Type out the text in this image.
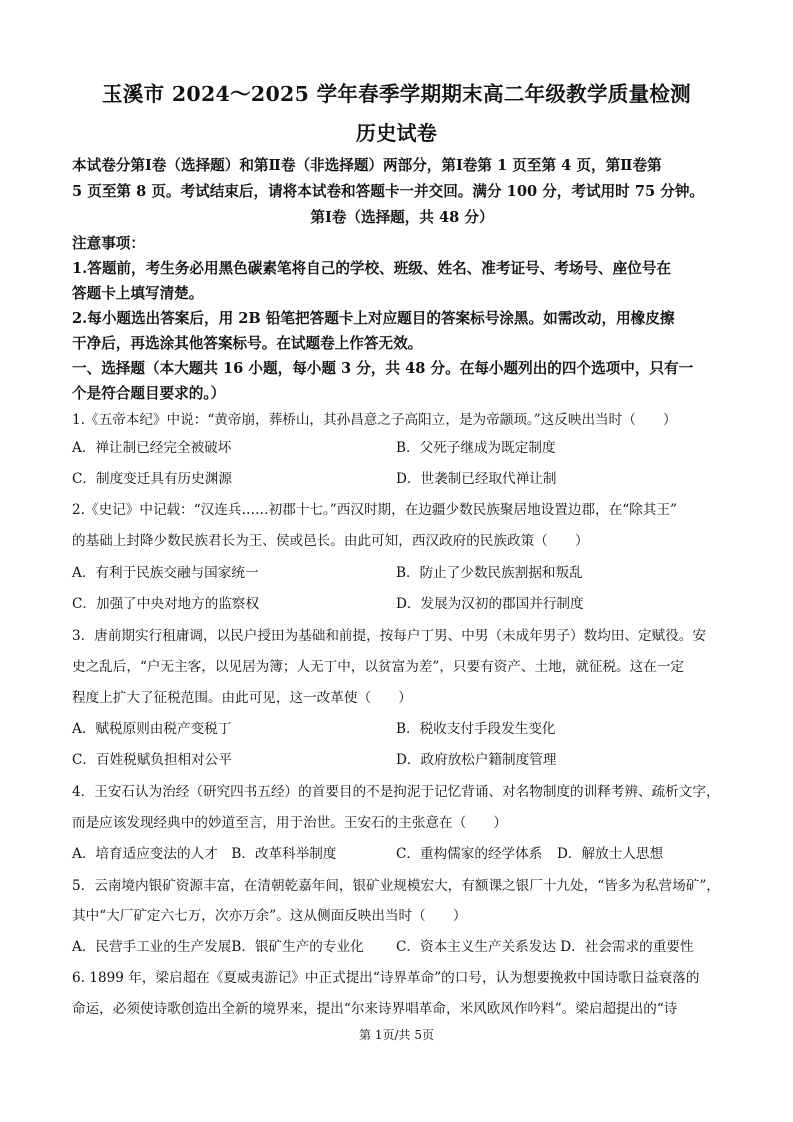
玉溪市 2024～2025 学年春季学期期末高二年级教学质量检测
历史试卷
本试卷分第Ⅰ卷（选择题）和第Ⅱ卷（非选择题）两部分，第Ⅰ卷第 1 页至第 4 页，第Ⅱ卷第
5 页至第 8 页。考试结束后，请将本试卷和答题卡一并交回。满分 100 分，考试用时 75 分钟。
第Ⅰ卷（选择题，共 48 分）
注意事项：
1.答题前，考生务必用黑色碳素笔将自己的学校、班级、姓名、准考证号、考场号、座位号在
答题卡上填写清楚。
2.每小题选出答案后，用 2B 铅笔把答题卡上对应题目的答案标号涂黑。如需改动，用橡皮擦
干净后，再选涂其他答案标号。在试题卷上作答无效。
一、选择题（本大题共 16 小题，每小题 3 分，共 48 分。在每小题列出的四个选项中，只有一
个是符合题目要求的。）
1.《五帝本纪》中说：“黄帝崩，葬桥山，其孙昌意之子高阳立，是为帝颛顼。”这反映出当时（　　）
A．禅让制已经完全被破坏	B．父死子继成为既定制度
C．制度变迁具有历史渊源	D．世袭制已经取代禅让制
2.《史记》中记载：“汉连兵……初郡十七。”西汉时期，在边疆少数民族聚居地设置边郡，在“除其王”
的基础上封降少数民族君长为王、侯或邑长。由此可知，西汉政府的民族政策（　　）
A．有利于民族交融与国家统一	B．防止了少数民族割据和叛乱
C．加强了中央对地方的监察权	D．发展为汉初的郡国并行制度
3．唐前期实行租庸调，以民户授田为基础和前提，按每户丁男、中男（未成年男子）数均田、定赋役。安
史之乱后，“户无主客，以见居为簿；人无丁中，以贫富为差”，只要有资产、土地，就征税。这在一定
程度上扩大了征税范围。由此可见，这一改革使（　　）
A．赋税原则由税产变税丁	B．税收支付手段发生变化
C．百姓税赋负担相对公平	D．政府放松户籍制度管理
4．王安石认为治经（研究四书五经）的首要目的不是拘泥于记忆背诵、对名物制度的训释考辨、疏析文字，
而是应该发现经典中的妙道至言，用于治世。王安石的主张意在（　　）
A．培育适应变法的人才　B．改革科举制度	C．重构儒家的经学体系 D．解放士人思想
5．云南境内银矿资源丰富，在清朝乾嘉年间，银矿业规模宏大，有额课之银厂十九处，“皆多为私营场矿”，
其中“大厂矿定六七万，次亦万余”。这从侧面反映出当时（　　）
A．民营手工业的生产发展B．银矿生产的专业化 C．资本主义生产关系发达 D．社会需求的重要性
6. 1899 年，梁启超在《夏威夷游记》中正式提出“诗界革命”的口号，认为想要挽救中国诗歌日益衰落的
命运，必须使诗歌创造出全新的境界来，提出“尔来诗界唱革命，米风欧风作吟料”。梁启超提出的“诗
第 1页/共 5页
